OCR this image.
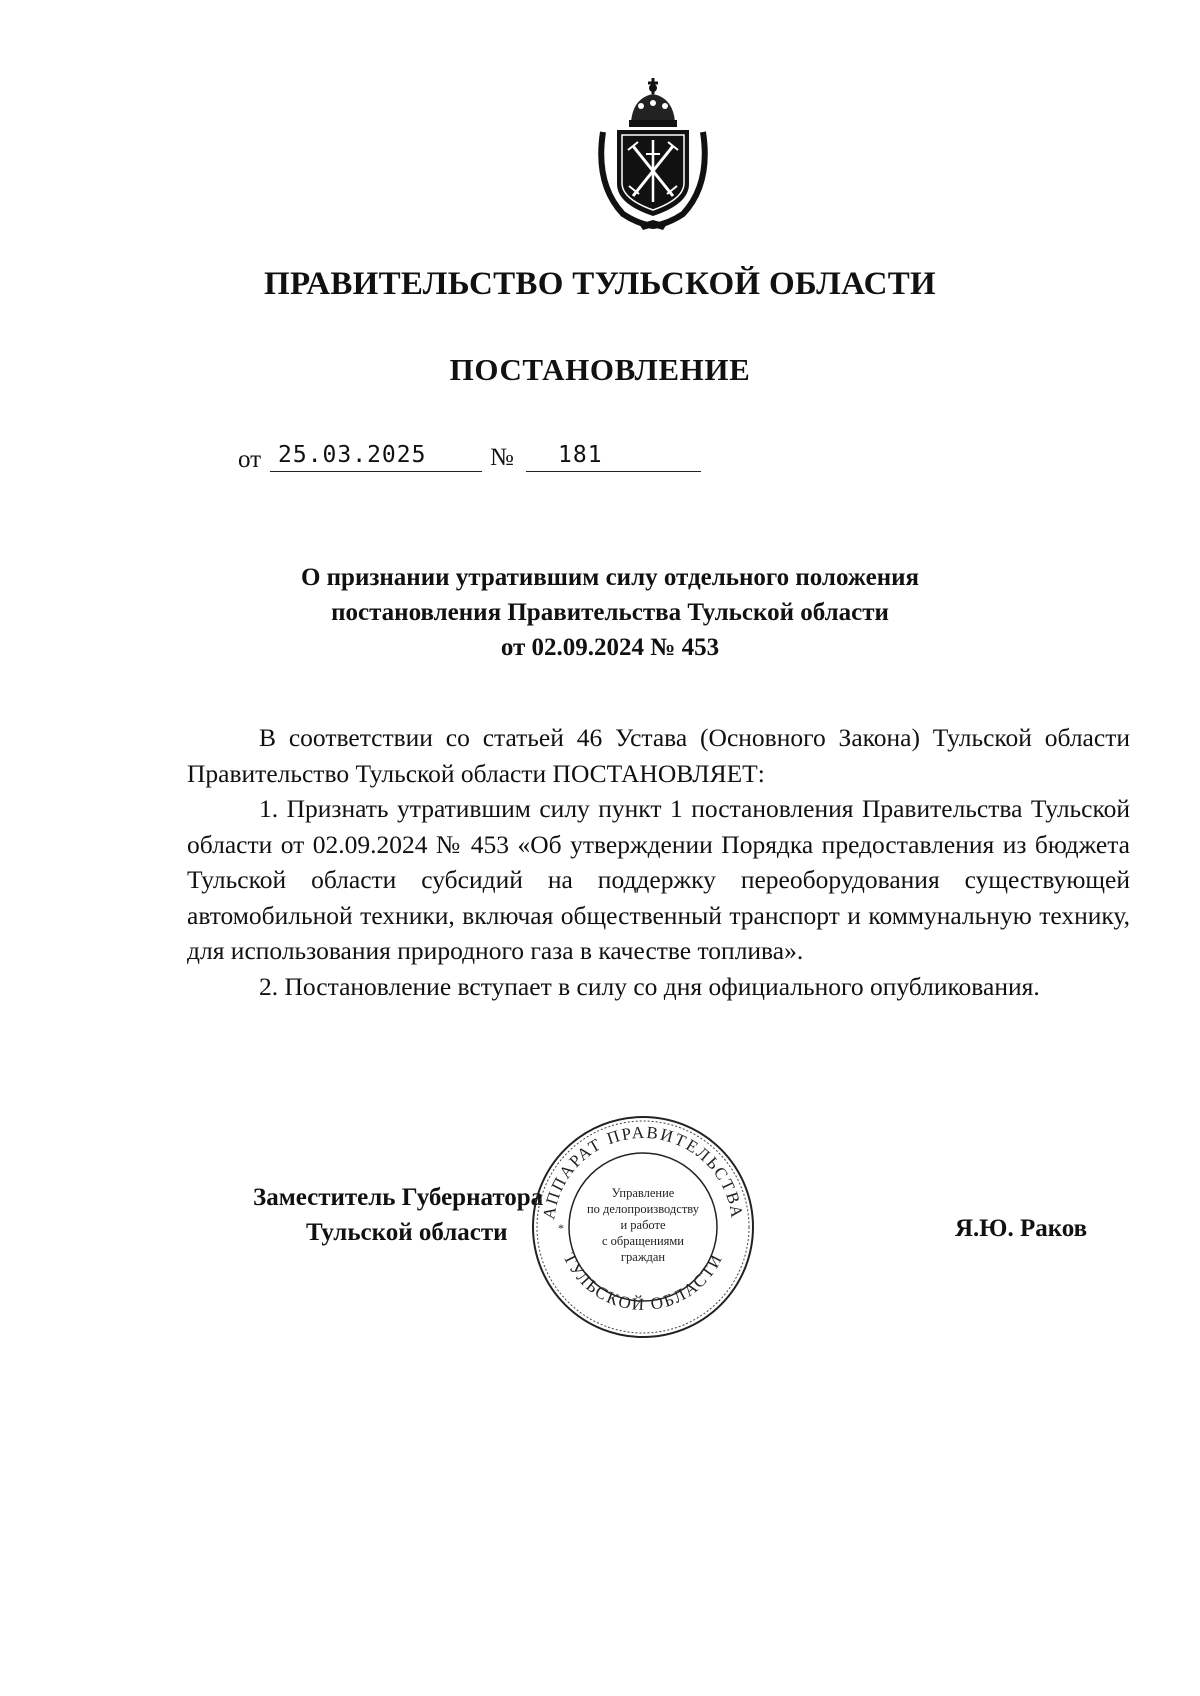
ПРАВИТЕЛЬСТВО ТУЛЬСКОЙ ОБЛАСТИ
ПОСТАНОВЛЕНИЕ
от 25.03.2025	№ 181
О признании утратившим силу отдельного положения
постановления Правительства Тульской области
от 02.09.2024 № 453

В соответствии со статьей 46 Устава (Основного Закона) Тульской области Правительство Тульской области ПОСТАНОВЛЯЕТ:

1. Признать утратившим силу пункт 1 постановления Правительства Тульской области от 02.09.2024 № 453 «Об утверждении Порядка предоставления из бюджета Тульской области субсидий на поддержку переоборудования существующей автомобильной техники, включая общественный транспорт и коммунальную технику, для использования природного газа в качестве топлива».

2. Постановление вступает в силу со дня официального опубликования.

Заместитель Губернатора
Тульской области	Я.Ю. Раков
АППАРАТ ПРАВИТЕЛЬСТВА
ТУЛЬСКОЙ ОБЛАСТИ
*
Управление
по делопроизводству
и работе
с обращениями
граждан
